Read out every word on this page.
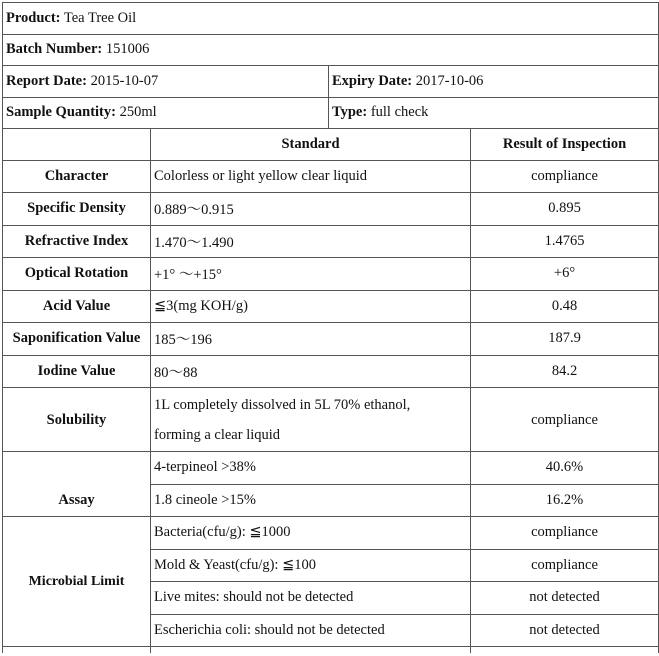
Product: Tea Tree Oil			
Batch Number: 151006			
Report Date: 2015-10-07		Expiry Date: 2017-10-06	
Sample Quantity: 250ml		Type: full check	
	Standard		Result of Inspection
Character	Colorless or light yellow clear liquid		compliance
Specific Density	0.889～0.915		0.895
Refractive Index	1.470～1.490		1.4765
Optical Rotation	+1° ～+15°		+6°
Acid Value	≦3(mg KOH/g)		0.48
Saponification Value	185～196		187.9
Iodine Value	80～88		84.2
Solubility	1L completely dissolved in 5L 70% ethanol,
forming a clear liquid		compliance
Assay	4-terpineol >38%		40.6%
	1.8 cineole >15%		16.2%
Microbial Limit	Bacteria(cfu/g): ≦1000		compliance
	Mold & Yeast(cfu/g): ≦100		compliance
	Live mites: should not be detected		not detected
	Escherichia coli: should not be detected		not detected
